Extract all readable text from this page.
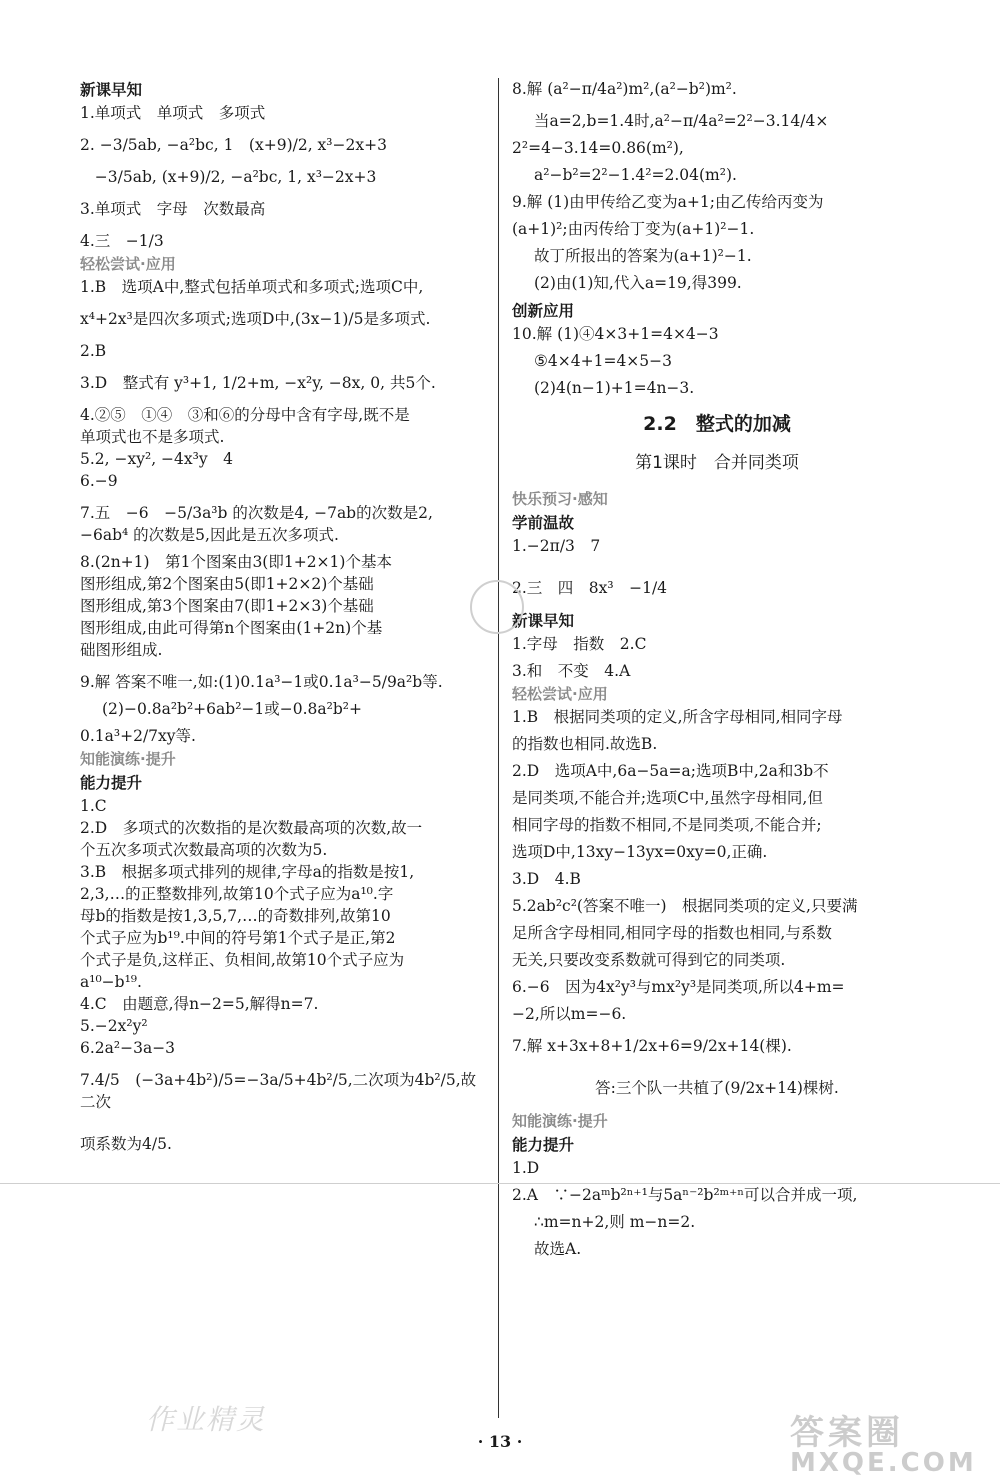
新课早知
1.单项式　单项式　多项式
2. −3/5ab, −a²bc, 1　(x+9)/2, x³−2x+3
−3/5ab, (x+9)/2, −a²bc, 1, x³−2x+3
3.单项式　字母　次数最高
4.三　−1/3
轻松尝试·应用
1.B　选项A中,整式包括单项式和多项式;选项C中,
x⁴+2x³是四次多项式;选项D中,(3x−1)/5是多项式.
2.B
3.D　整式有 y³+1, 1/2+m, −x²y, −8x, 0, 共5个.
4.②⑤　①④　③和⑥的分母中含有字母,既不是
单项式也不是多项式.
5.2, −xy², −4x³y　4
6.−9
7.五　−6　−5/3a³b 的次数是4, −7ab的次数是2,
−6ab⁴ 的次数是5,因此是五次多项式.
8.(2n+1)　第1个图案由3(即1+2×1)个基本
图形组成,第2个图案由5(即1+2×2)个基础
图形组成,第3个图案由7(即1+2×3)个基础
图形组成,由此可得第n个图案由(1+2n)个基
础图形组成.
9.解 答案不唯一,如:(1)0.1a³−1或0.1a³−5/9a²b等.
(2)−0.8a²b²+6ab²−1或−0.8a²b²+
0.1a³+2/7xy等.
知能演练·提升
能力提升
1.C
2.D　多项式的次数指的是次数最高项的次数,故一
个五次多项式次数最高项的次数为5.
3.B　根据多项式排列的规律,字母a的指数是按1,
2,3,…的正整数排列,故第10个式子应为a¹⁰.字
母b的指数是按1,3,5,7,…的奇数排列,故第10
个式子应为b¹⁹.中间的符号第1个式子是正,第2
个式子是负,这样正、负相间,故第10个式子应为
a¹⁰−b¹⁹.
4.C　由题意,得n−2=5,解得n=7.
5.−2x²y²
6.2a²−3a−3
7.4/5　(−3a+4b²)/5=−3a/5+4b²/5,二次项为4b²/5,故二次
项系数为4/5.
8.解 (a²−π/4a²)m²,(a²−b²)m².
当a=2,b=1.4时,a²−π/4a²=2²−3.14/4×
2²=4−3.14=0.86(m²),
a²−b²=2²−1.4²=2.04(m²).
9.解 (1)由甲传给乙变为a+1;由乙传给丙变为
(a+1)²;由丙传给丁变为(a+1)²−1.
故丁所报出的答案为(a+1)²−1.
(2)由(1)知,代入a=19,得399.
创新应用
10.解 (1)④4×3+1=4×4−3
⑤4×4+1=4×5−3
(2)4(n−1)+1=4n−3.
2.2　整式的加减
第1课时　合并同类项
快乐预习·感知
学前温故
1.−2π/3　7
2.三　四　8x³　−1/4
新课早知
1.字母　指数　2.C
3.和　不变　4.A
轻松尝试·应用
1.B　根据同类项的定义,所含字母相同,相同字母
的指数也相同.故选B.
2.D　选项A中,6a−5a=a;选项B中,2a和3b不
是同类项,不能合并;选项C中,虽然字母相同,但
相同字母的指数不相同,不是同类项,不能合并;
选项D中,13xy−13yx=0xy=0,正确.
3.D　4.B
5.2ab²c²(答案不唯一)　根据同类项的定义,只要满
足所含字母相同,相同字母的指数也相同,与系数
无关,只要改变系数就可得到它的同类项.
6.−6　因为4x²y³与mx²y³是同类项,所以4+m=
−2,所以m=−6.
7.解 x+3x+8+1/2x+6=9/2x+14(棵).
答:三个队一共植了(9/2x+14)棵树.
知能演练·提升
能力提升
1.D
2.A　∵−2aᵐb²ⁿ⁺¹与5aⁿ⁻²b²ᵐ⁺ⁿ可以合并成一项,
∴m=n+2,则 m−n=2.
故选A.
作业精灵	答案圈
MXQE.COM
· 13 ·
